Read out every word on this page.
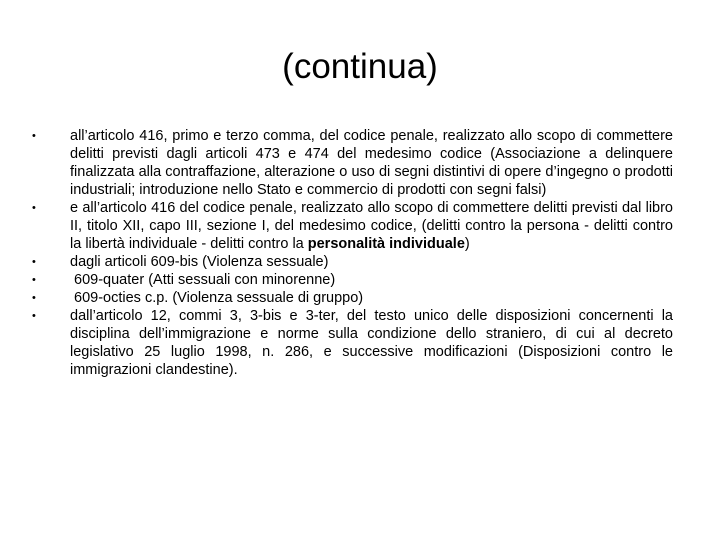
(continua)
•	all’articolo 416, primo e terzo comma, del codice penale, realizzato allo scopo di commettere delitti previsti dagli articoli 473 e 474 del medesimo codice (Associazione a delinquere finalizzata alla contraffazione, alterazione o uso di segni distintivi di opere d’ingegno o prodotti industriali; introduzione nello Stato e commercio di prodotti con segni falsi)
•	e all’articolo 416 del codice penale, realizzato allo scopo di commettere delitti previsti dal libro II, titolo XII, capo III, sezione I, del medesimo codice, (delitti contro la persona - delitti contro la libertà individuale - delitti contro la personalità individuale)
•	dagli articoli 609-bis (Violenza sessuale)
•	609-quater (Atti sessuali con minorenne)
•	609-octies c.p. (Violenza sessuale di gruppo)
•	dall’articolo 12, commi 3, 3-bis e 3-ter, del testo unico delle disposizioni concernenti la disciplina dell’immigrazione e norme sulla condizione dello straniero, di cui al decreto legislativo 25 luglio 1998, n. 286, e successive modificazioni (Disposizioni contro le immigrazioni clandestine).
